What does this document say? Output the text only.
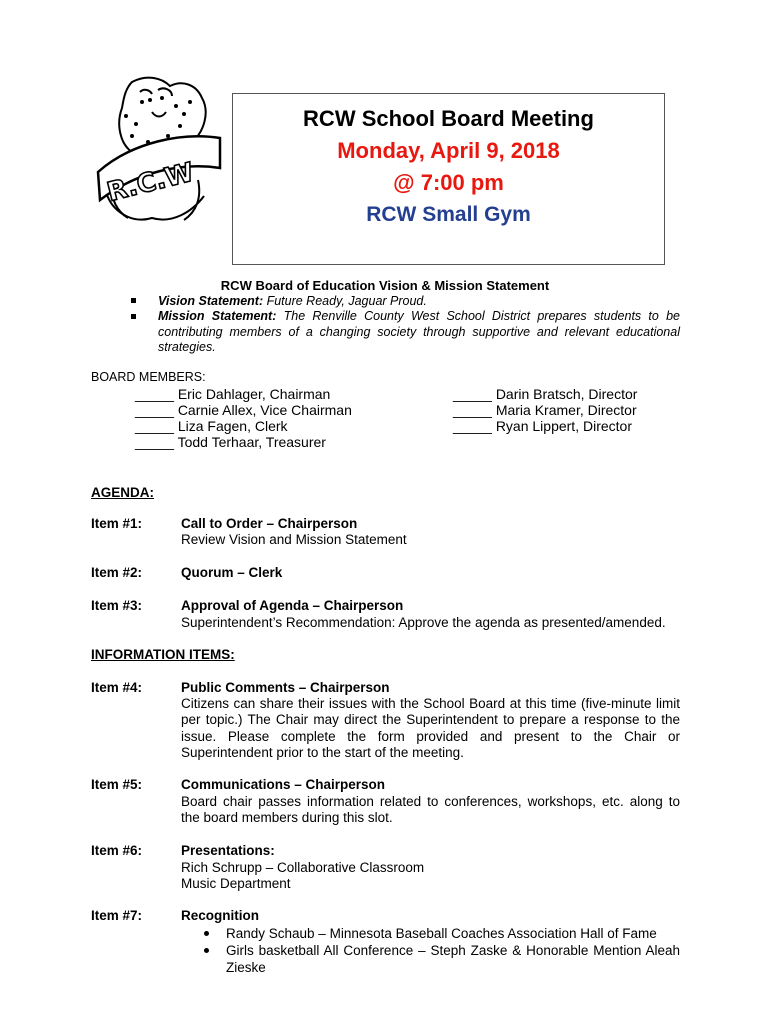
R.C.W
RCW School Board Meeting
Monday, April 9, 2018
@ 7:00 pm
RCW Small Gym
RCW Board of Education Vision & Mission Statement
Vision Statement: Future Ready, Jaguar Proud.
Mission Statement: The Renville County West School District prepares students to be contributing members of a changing society through supportive and relevant educational strategies.
BOARD MEMBERS:
_____ Eric Dahlager, Chairman
_____ Carnie Allex, Vice Chairman
_____ Liza Fagen, Clerk
_____ Todd Terhaar, Treasurer
_____ Darin Bratsch, Director
_____ Maria Kramer, Director
_____ Ryan Lippert, Director
AGENDA:
Item #1:	Call to Order – Chairperson
Review Vision and Mission Statement
Item #2:	Quorum – Clerk
Item #3:	Approval of Agenda – Chairperson
Superintendent’s Recommendation: Approve the agenda as presented/amended.
INFORMATION ITEMS:
Item #4:	Public Comments – Chairperson
Citizens can share their issues with the School Board at this time (five-minute limit per topic.) The Chair may direct the Superintendent to prepare a response to the issue. Please complete the form provided and present to the Chair or Superintendent prior to the start of the meeting.
Item #5:	Communications – Chairperson
Board chair passes information related to conferences, workshops, etc. along to the board members during this slot.
Item #6:	Presentations:
Rich Schrupp – Collaborative Classroom
Music Department
Item #7:	Recognition
Randy Schaub – Minnesota Baseball Coaches Association Hall of Fame
Girls basketball All Conference – Steph Zaske & Honorable Mention Aleah Zieske
